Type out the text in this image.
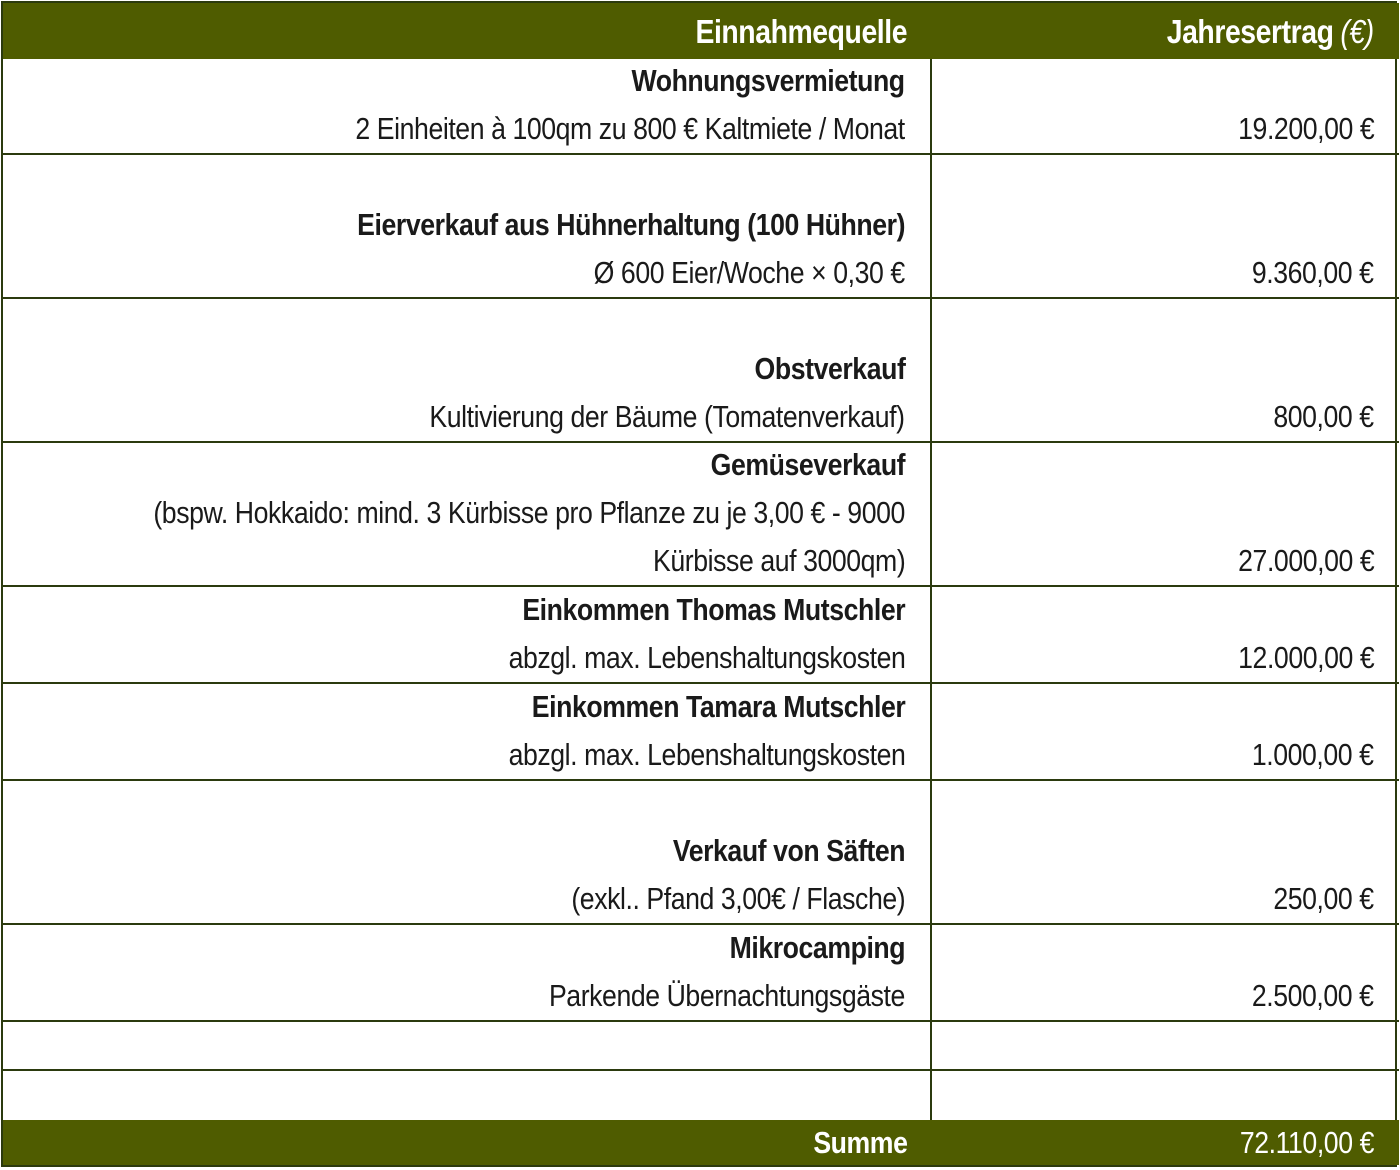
Einnahmequelle	Jahresertrag (€)
Wohnungsvermietung
2 Einheiten à 100qm zu 800 € Kaltmiete / Monat	19.200,00 €
Eierverkauf aus Hühnerhaltung (100 Hühner)
Ø 600 Eier/Woche × 0,30 €	9.360,00 €
Obstverkauf
Kultivierung der Bäume (Tomatenverkauf)	800,00 €
Gemüseverkauf
(bspw. Hokkaido: mind. 3 Kürbisse pro Pflanze zu je 3,00 € - 9000
Kürbisse auf 3000qm)	27.000,00 €
Einkommen Thomas Mutschler
abzgl. max. Lebenshaltungskosten	12.000,00 €
Einkommen Tamara Mutschler
abzgl. max. Lebenshaltungskosten	1.000,00 €
Verkauf von Säften
(exkl.. Pfand 3,00€ / Flasche)	250,00 €
Mikrocamping
Parkende Übernachtungsgäste	2.500,00 €
Summe	72.110,00 €
